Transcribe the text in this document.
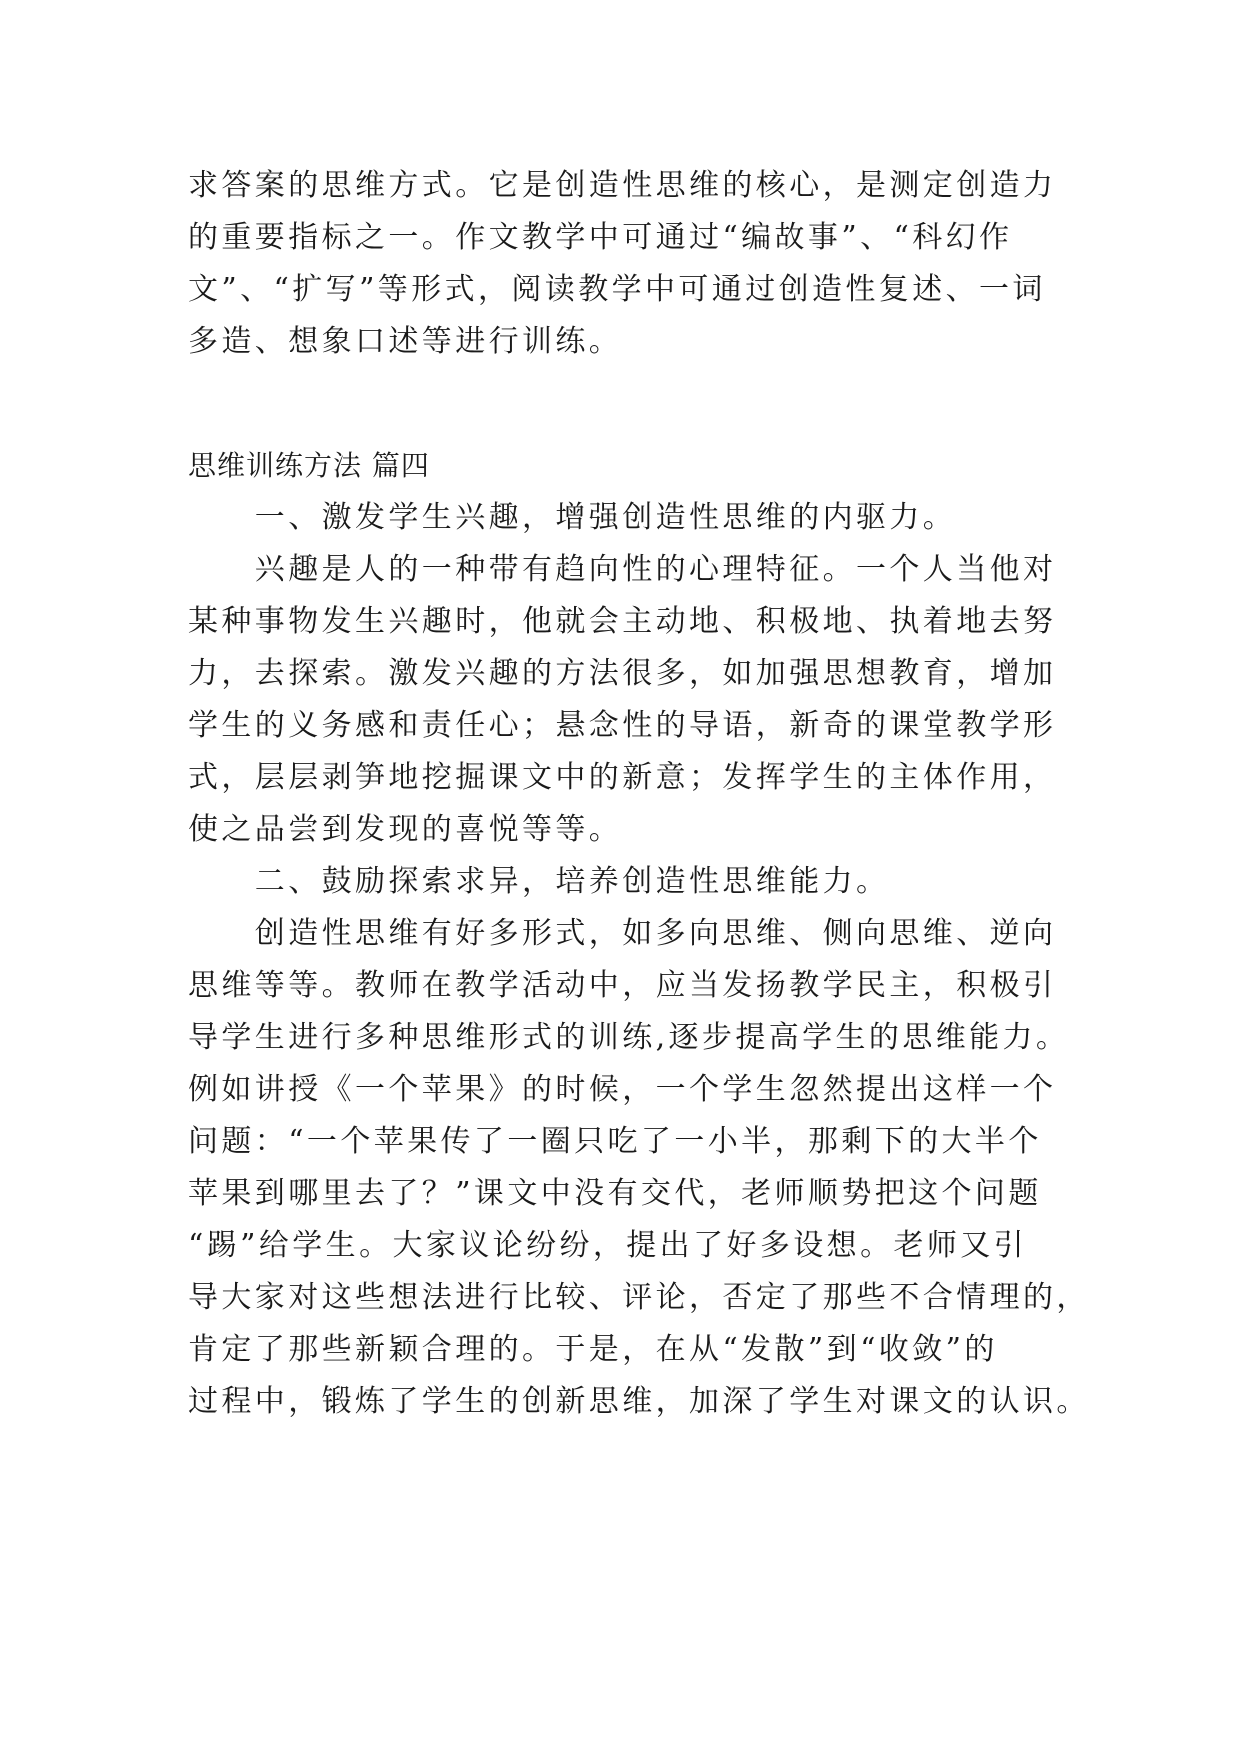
求答案的思维方式。它是创造性思维的核心，是测定创造力
的重要指标之一。作文教学中可通过“编故事”、“科幻作
文”、“扩写”等形式，阅读教学中可通过创造性复述、一词
多造、想象口述等进行训练。
思维训练方法 篇四
　　一、激发学生兴趣，增强创造性思维的内驱力。
　　兴趣是人的一种带有趋向性的心理特征。一个人当他对
某种事物发生兴趣时，他就会主动地、积极地、执着地去努
力，去探索。激发兴趣的方法很多，如加强思想教育，增加
学生的义务感和责任心；悬念性的导语，新奇的课堂教学形
式，层层剥笋地挖掘课文中的新意；发挥学生的主体作用，
使之品尝到发现的喜悦等等。
　　二、鼓励探索求异，培养创造性思维能力。
　　创造性思维有好多形式，如多向思维、侧向思维、逆向
思维等等。教师在教学活动中，应当发扬教学民主，积极引
导学生进行多种思维形式的训练,逐步提高学生的思维能力。
例如讲授《一个苹果》的时候，一个学生忽然提出这样一个
问题：“一个苹果传了一圈只吃了一小半，那剩下的大半个
苹果到哪里去了？”课文中没有交代，老师顺势把这个问题
“踢”给学生。大家议论纷纷，提出了好多设想。老师又引
导大家对这些想法进行比较、评论，否定了那些不合情理的，
肯定了那些新颖合理的。于是，在从“发散”到“收敛”的
过程中，锻炼了学生的创新思维，加深了学生对课文的认识。
